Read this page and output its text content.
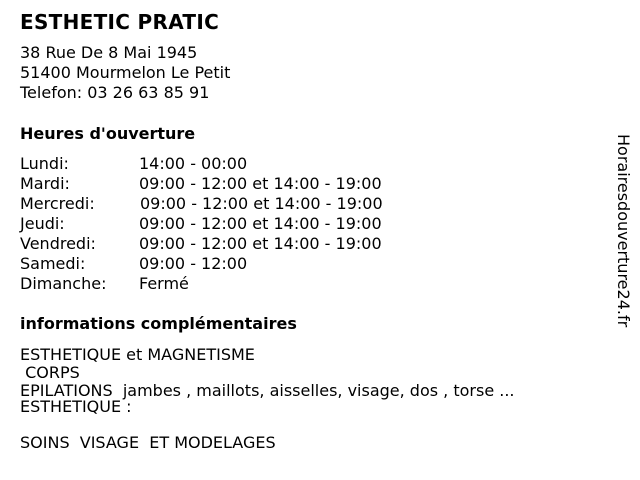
ESTHETIC PRATIC
38 Rue De 8 Mai 1945
51400 Mourmelon Le Petit
Telefon: 03 26 63 85 91
Heures d'ouverture
Lundi:	14:00 - 00:00
Mardi:	09:00 - 12:00 et 14:00 - 19:00
Mercredi:	09:00 - 12:00 et 14:00 - 19:00
Jeudi:	09:00 - 12:00 et 14:00 - 19:00
Vendredi:	09:00 - 12:00 et 14:00 - 19:00
Samedi:	09:00 - 12:00
Dimanche:	Fermé
informations complémentaires
ESTHETIQUE et MAGNETISME
CORPS
EPILATIONS  jambes , maillots, aisselles, visage, dos , torse ...
ESTHETIQUE :
SOINS  VISAGE  ET MODELAGES
Horairesdouverture24.fr
